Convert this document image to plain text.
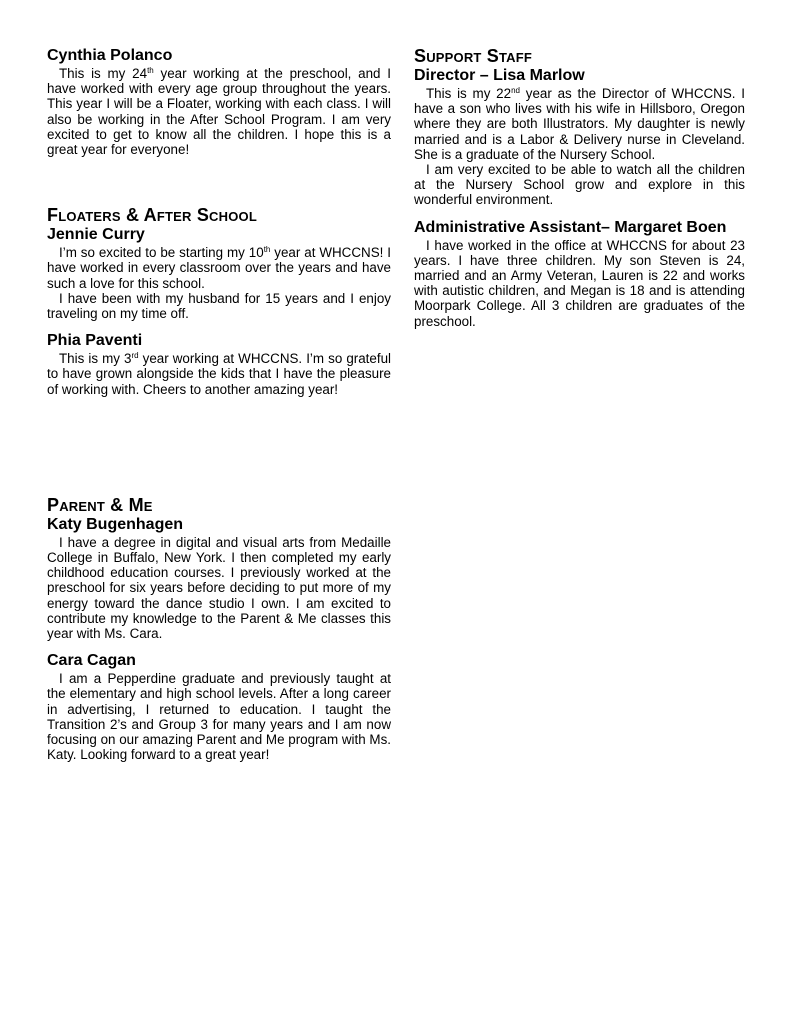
Cynthia Polanco

This is my 24th year working at the preschool, and I have worked with every age group throughout the years. This year I will be a Floater, working with each class. I will also be working in the After School Program. I am very excited to get to know all the children. I hope this is a great year for everyone!

Floaters & After School

Jennie Curry

I’m so excited to be starting my 10th year at WHCCNS! I have worked in every classroom over the years and have such a love for this school.

I have been with my husband for 15 years and I enjoy traveling on my time off.

Phia Paventi

This is my 3rd year working at WHCCNS. I’m so grateful to have grown alongside the kids that I have the pleasure of working with. Cheers to another amazing year!

Parent & Me

Katy Bugenhagen

I have a degree in digital and visual arts from Medaille College in Buffalo, New York. I then completed my early childhood education courses. I previously worked at the preschool for six years before deciding to put more of my energy toward the dance studio I own. I am excited to contribute my knowledge to the Parent & Me classes this year with Ms. Cara.

Cara Cagan

I am a Pepperdine graduate and previously taught at the elementary and high school levels. After a long career in advertising, I returned to education. I taught the Transition 2’s and Group 3 for many years and I am now focusing on our amazing Parent and Me program with Ms. Katy. Looking forward to a great year!

Support Staff

Director – Lisa Marlow

This is my 22nd year as the Director of WHCCNS. I have a son who lives with his wife in Hillsboro, Oregon where they are both Illustrators. My daughter is newly married and is a Labor & Delivery nurse in Cleveland. She is a graduate of the Nursery School.

I am very excited to be able to watch all the children at the Nursery School grow and explore in this wonderful environment.

Administrative Assistant– Margaret Boen

I have worked in the office at WHCCNS for about 23 years. I have three children. My son Steven is 24, married and an Army Veteran, Lauren is 22 and works with autistic children, and Megan is 18 and is attending Moorpark College. All 3 children are graduates of the preschool.
